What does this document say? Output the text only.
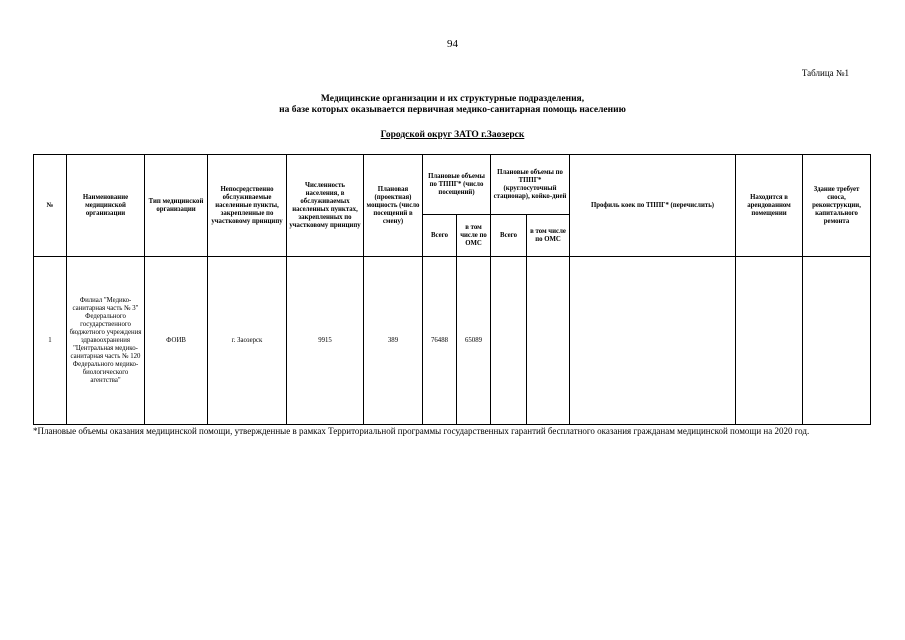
94
Таблица №1
Медицинские организации и их структурные подразделения,
на базе которых оказывается первичная медико-санитарная помощь населению
Городской округ ЗАТО г.Заозерск
№	Наименование медицинской организации	Тип медицинской организации	Непосредственно обслуживаемые населенные пункты, закрепленные по участковому принципу	Численность населения, в обслуживаемых населенных пунктах, закрепленных по участковому принципу	Плановая (проектная) мощность (число посещений в смену)	Плановые объемы по ТППГ* (число посещений)		Плановые объемы по ТППГ* (круглосуточный стационар), койко-дней		Профиль коек по ТППГ* (перечислить)	Находится в арендованном помещении	Здание требует сноса, реконструкции, капитального ремонта
						Всего	в том числе по ОМС	Всего	в том числе по ОМС			
1	Филиал "Медико-санитарная часть № 3" Федерального государственного бюджетного учреждения здравоохранения "Центральная медико-санитарная часть № 120 Федерального медико-биологического агентства"	ФОИВ	г. Заозерск	9915	389	76488	65089					
*Плановые объемы оказания медицинской помощи, утвержденные в рамках Территориальной программы государственных гарантий бесплатного оказания гражданам медицинской помощи на 2020 год.
